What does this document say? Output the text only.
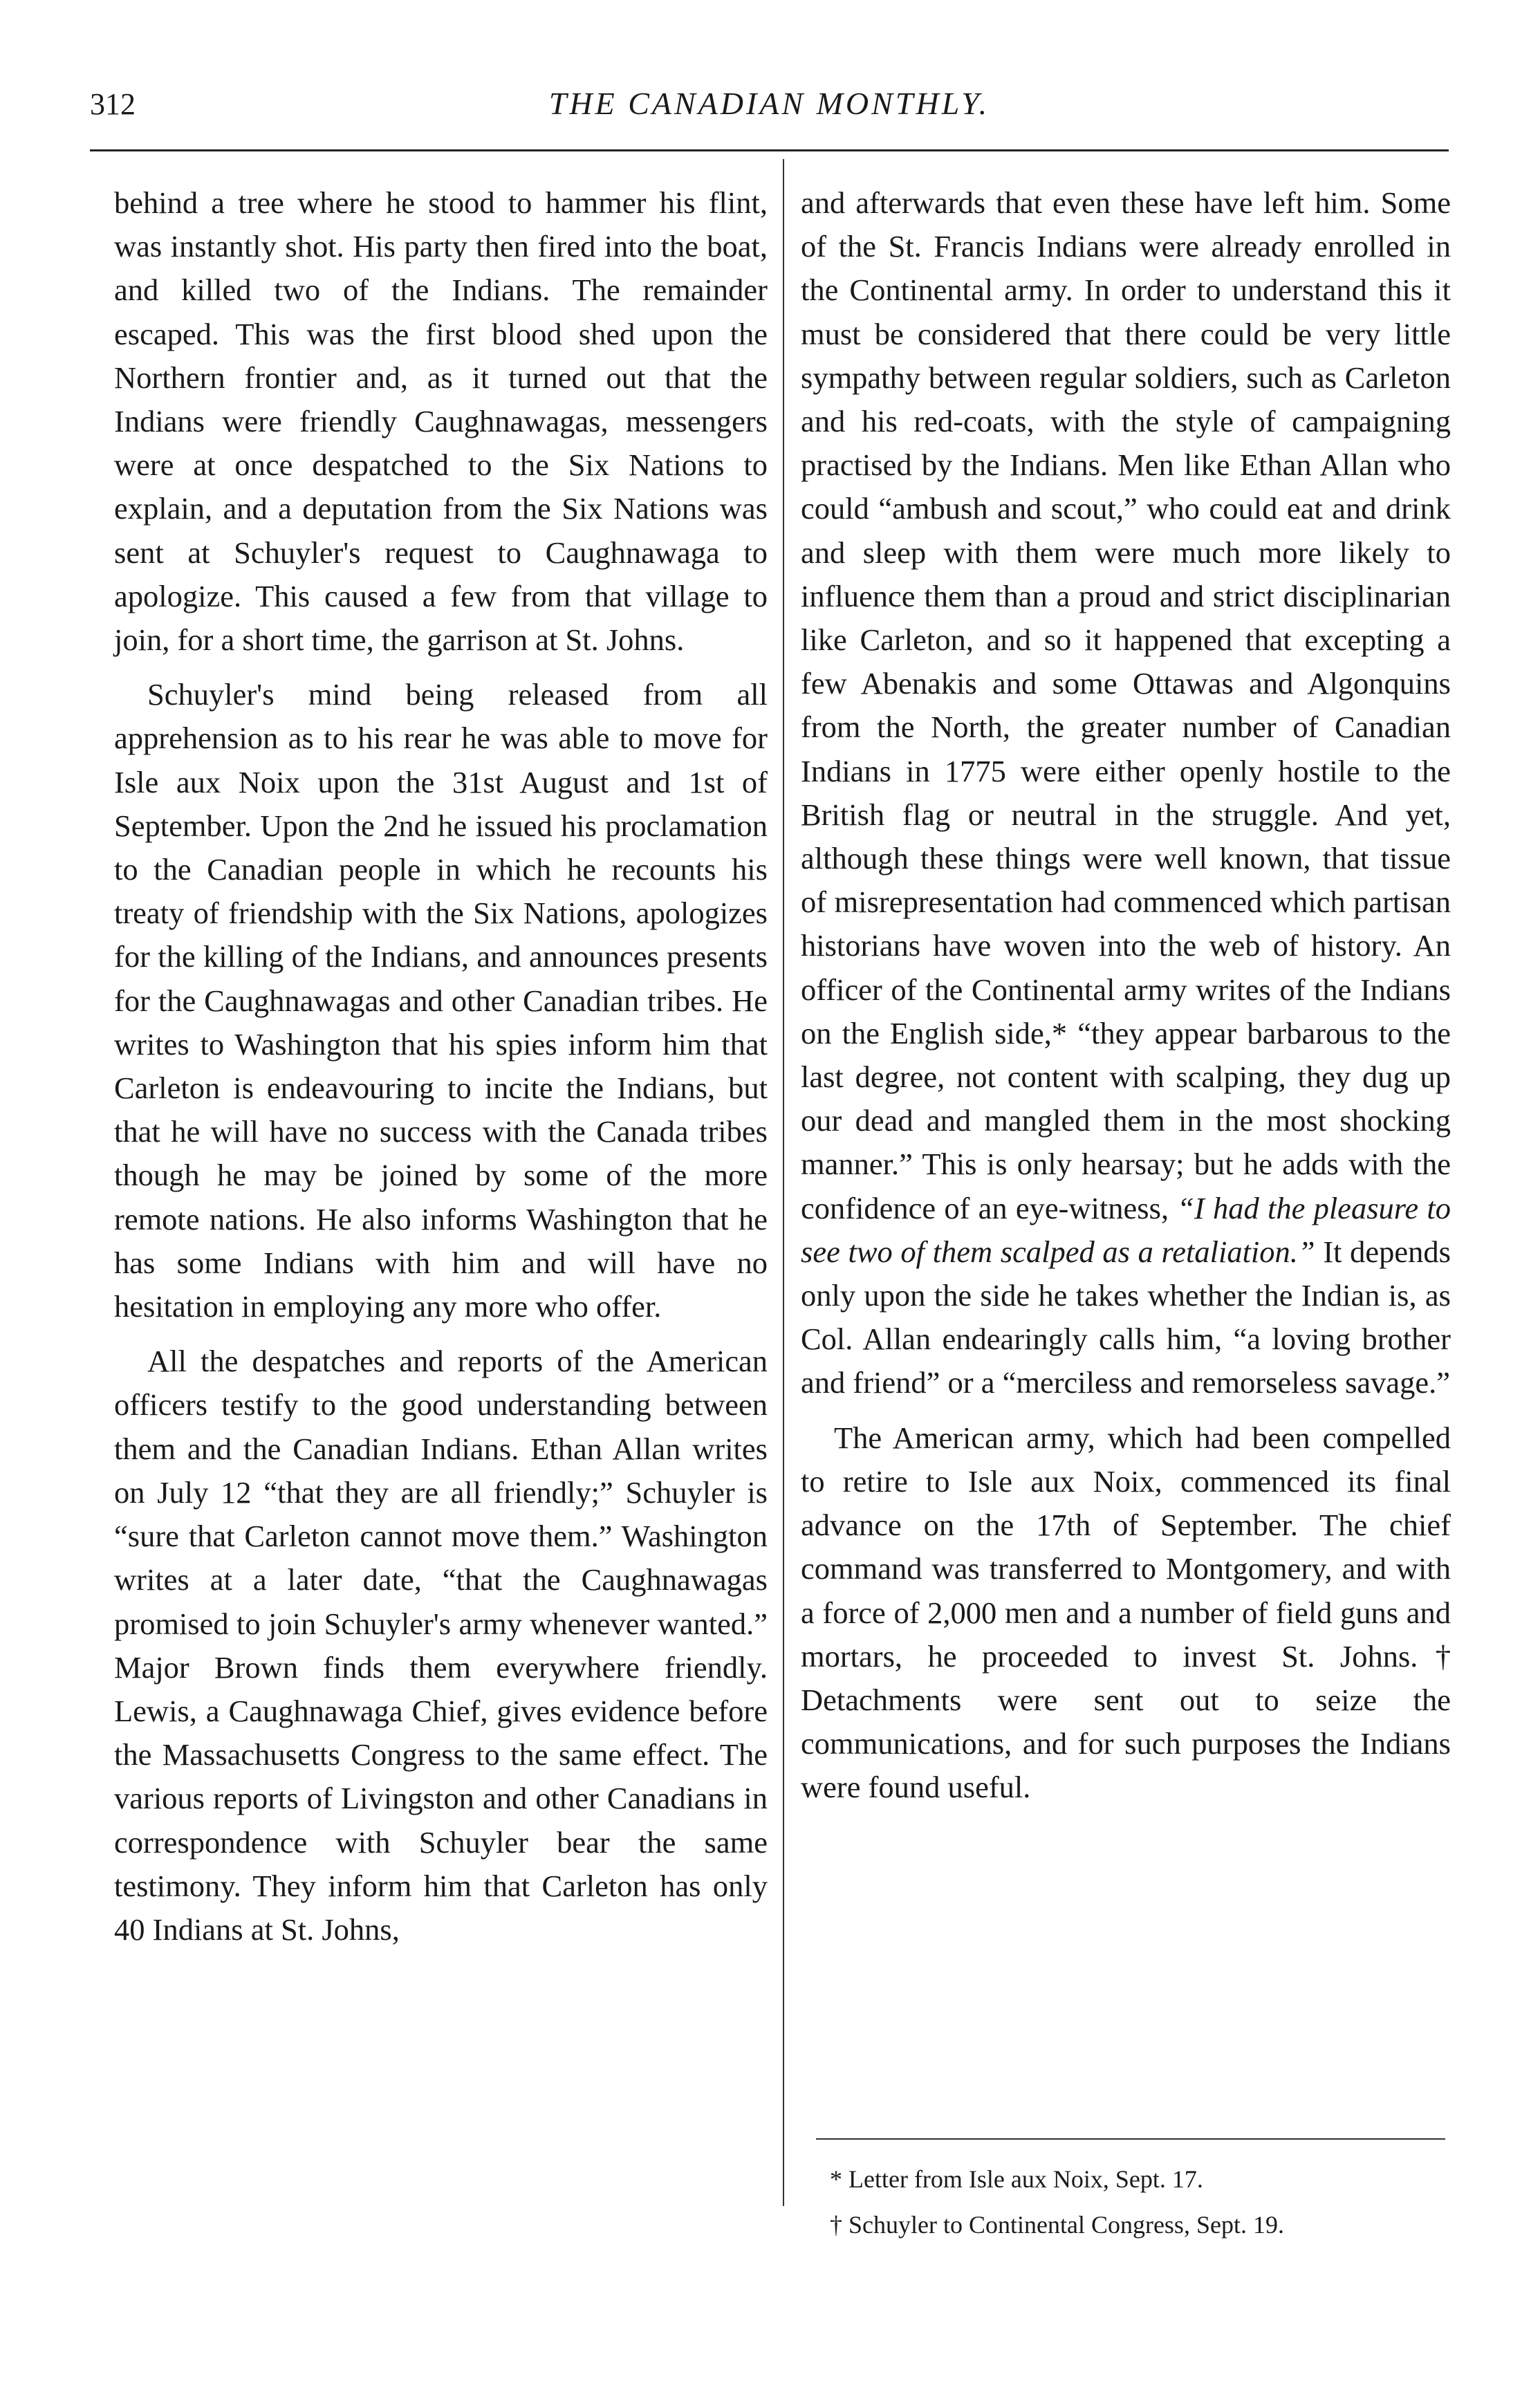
312	THE CANADIAN MONTHLY.

behind a tree where he stood to hammer his flint, was instantly shot. His party then fired into the boat, and killed two of the Indians. The remainder escaped. This was the first blood shed upon the Northern frontier and, as it turned out that the Indians were friendly Caughnawagas, messengers were at once despatched to the Six Nations to explain, and a deputation from the Six Nations was sent at Schuyler's request to Caughnawaga to apologize. This caused a few from that village to join, for a short time, the garrison at St. Johns.

Schuyler's mind being released from all apprehension as to his rear he was able to move for Isle aux Noix upon the 31st August and 1st of September. Upon the 2nd he issued his proclamation to the Canadian people in which he recounts his treaty of friendship with the Six Nations, apologizes for the killing of the Indians, and announces presents for the Caughnawagas and other Canadian tribes. He writes to Washington that his spies inform him that Carleton is endeavouring to incite the Indians, but that he will have no success with the Canada tribes though he may be joined by some of the more remote nations. He also informs Washington that he has some Indians with him and will have no hesitation in employing any more who offer.

All the despatches and reports of the American officers testify to the good understanding between them and the Canadian Indians. Ethan Allan writes on July 12 “that they are all friendly;” Schuyler is “sure that Carleton cannot move them.” Washington writes at a later date, “that the Caughnawagas promised to join Schuyler's army whenever wanted.” Major Brown finds them everywhere friendly. Lewis, a Caughnawaga Chief, gives evidence before the Massachusetts Congress to the same effect. The various reports of Livingston and other Canadians in correspondence with Schuyler bear the same testimony. They inform him that Carleton has only 40 Indians at St. Johns,

and afterwards that even these have left him. Some of the St. Francis Indians were already enrolled in the Continental army. In order to understand this it must be considered that there could be very little sympathy between regular soldiers, such as Carleton and his red-coats, with the style of campaigning practised by the Indians. Men like Ethan Allan who could “ambush and scout,” who could eat and drink and sleep with them were much more likely to influence them than a proud and strict disciplinarian like Carleton, and so it happened that excepting a few Abenakis and some Ottawas and Algonquins from the North, the greater number of Canadian Indians in 1775 were either openly hostile to the British flag or neutral in the struggle. And yet, although these things were well known, that tissue of misrepresentation had commenced which partisan historians have woven into the web of history. An officer of the Continental army writes of the Indians on the English side,* “they appear barbarous to the last degree, not content with scalping, they dug up our dead and mangled them in the most shocking manner.” This is only hearsay; but he adds with the confidence of an eye-witness, “I had the pleasure to see two of them scalped as a retaliation.” It depends only upon the side he takes whether the Indian is, as Col. Allan endearingly calls him, “a loving brother and friend” or a “merciless and remorseless savage.”

The American army, which had been compelled to retire to Isle aux Noix, commenced its final advance on the 17th of September. The chief command was transferred to Montgomery, and with a force of 2,000 men and a number of field guns and mortars, he proceeded to invest St. Johns.† Detachments were sent out to seize the communications, and for such purposes the Indians were found useful.

* Letter from Isle aux Noix, Sept. 17.
† Schuyler to Continental Congress, Sept. 19.
